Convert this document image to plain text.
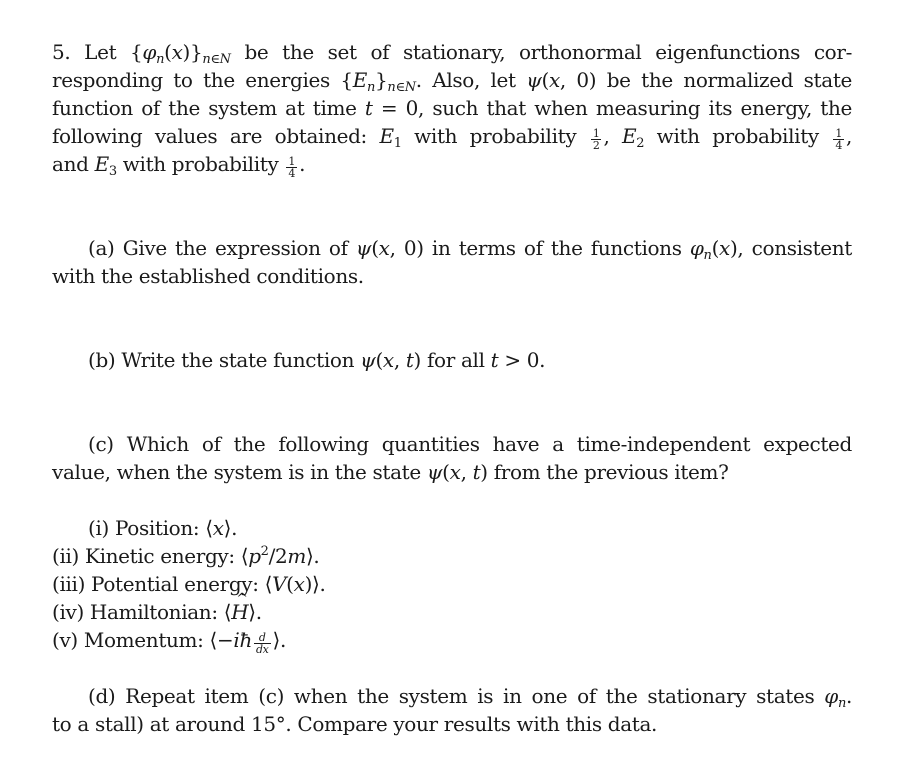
5. Let $\{\varphi_n(x)\}_{n\in N}$ be the set of stationary, orthonormal eigenfunctions cor-
responding to the energies $\{E_n\}_{n\in N}$. Also, let ψ(x, 0) be the normalized state
function of the system at time t = 0, such that when measuring its energy, the
following values are obtained: $E_1$ with probability $\frac{1}{2}$ , $E_2$ with probability $\frac{1}{4}$ ,
and $E_3$ with probability $\frac{1}{4}$ .
(a) Give the expression of ψ(x, 0) in terms of the functions $\varphi_n(x)$, consistent
with the established conditions.
(b) Write the state function ψ(x, t) for all t > 0.
(c) Which of the following quantities have a time-independent expected
value, when the system is in the state ψ(x, t) from the previous item?
(i) Position: ⟨x⟩.
(ii) Kinetic energy: $⟨p^2/2m⟩$.
(iii) Potential energy: ⟨V(x)⟩.
(iv) Hamiltonian: ⟨^ H⟩.
(v) Momentum: ⟨−iħ $\frac{d}{dx}$ ⟩.
(d) Repeat item (c) when the system is in one of the stationary states $\varphi_n$.
to a stall) at around 15°. Compare your results with this data.
